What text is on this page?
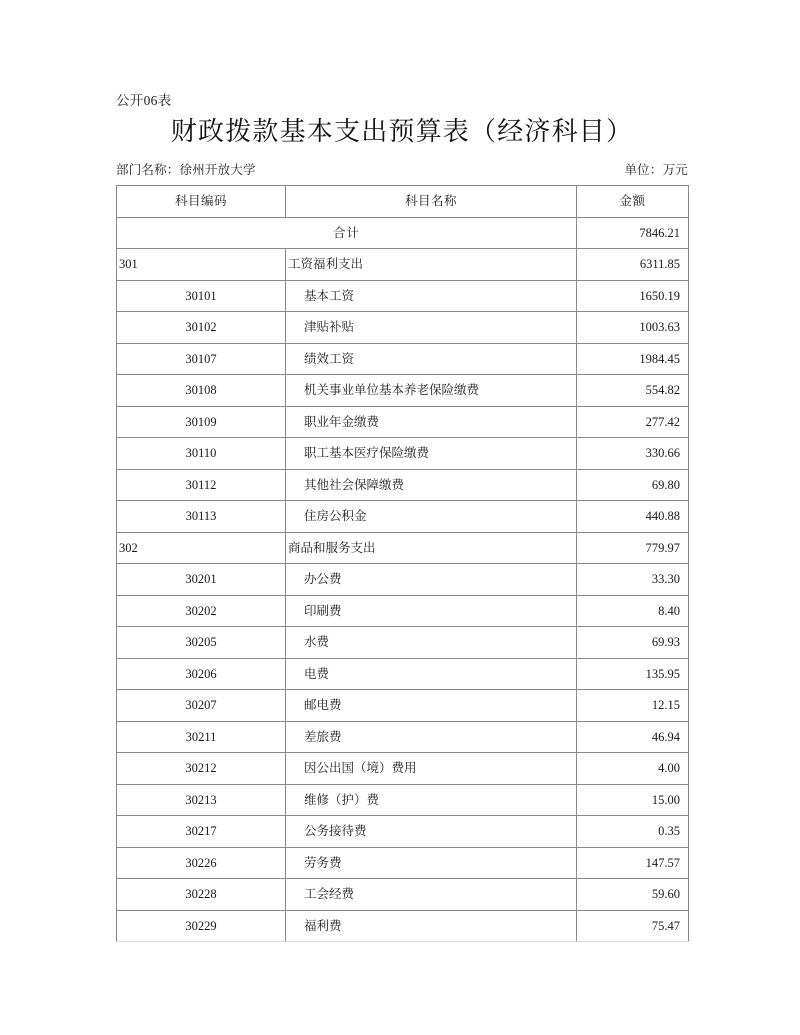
公开06表
财政拨款基本支出预算表（经济科目）
部门名称：徐州开放大学	单位：万元
科目编码	科目名称	金额
合计		7846.21
301	工资福利支出	6311.85
30101	基本工资	1650.19
30102	津贴补贴	1003.63
30107	绩效工资	1984.45
30108	机关事业单位基本养老保险缴费	554.82
30109	职业年金缴费	277.42
30110	职工基本医疗保险缴费	330.66
30112	其他社会保障缴费	69.80
30113	住房公积金	440.88
302	商品和服务支出	779.97
30201	办公费	33.30
30202	印刷费	8.40
30205	水费	69.93
30206	电费	135.95
30207	邮电费	12.15
30211	差旅费	46.94
30212	因公出国（境）费用	4.00
30213	维修（护）费	15.00
30217	公务接待费	0.35
30226	劳务费	147.57
30228	工会经费	59.60
30229	福利费	75.47
